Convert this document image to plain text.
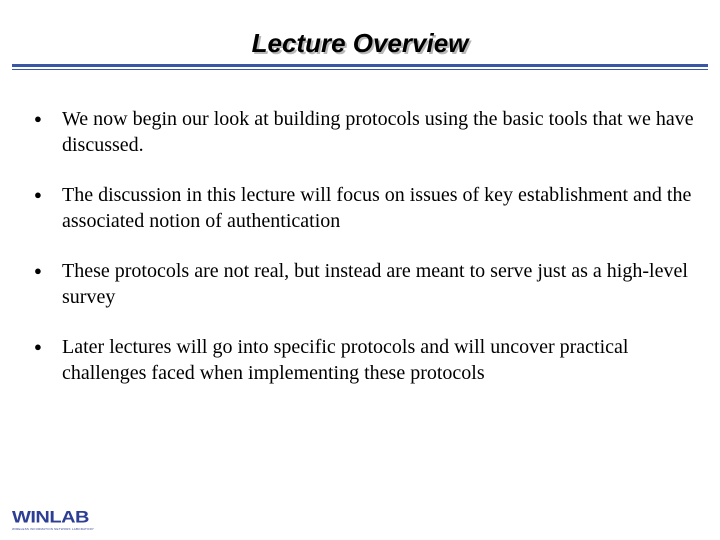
Lecture Overview
●	We now begin our look at building protocols using the basic tools that we have discussed.
●	The discussion in this lecture will focus on issues of key establishment and the associated notion of authentication
●	These protocols are not real, but instead are meant to serve just as a high-level survey
●	Later lectures will go into specific protocols and will uncover practical challenges faced when implementing these protocols
WINLAB
WIRELESS INFORMATION NETWORK LABORATORY
